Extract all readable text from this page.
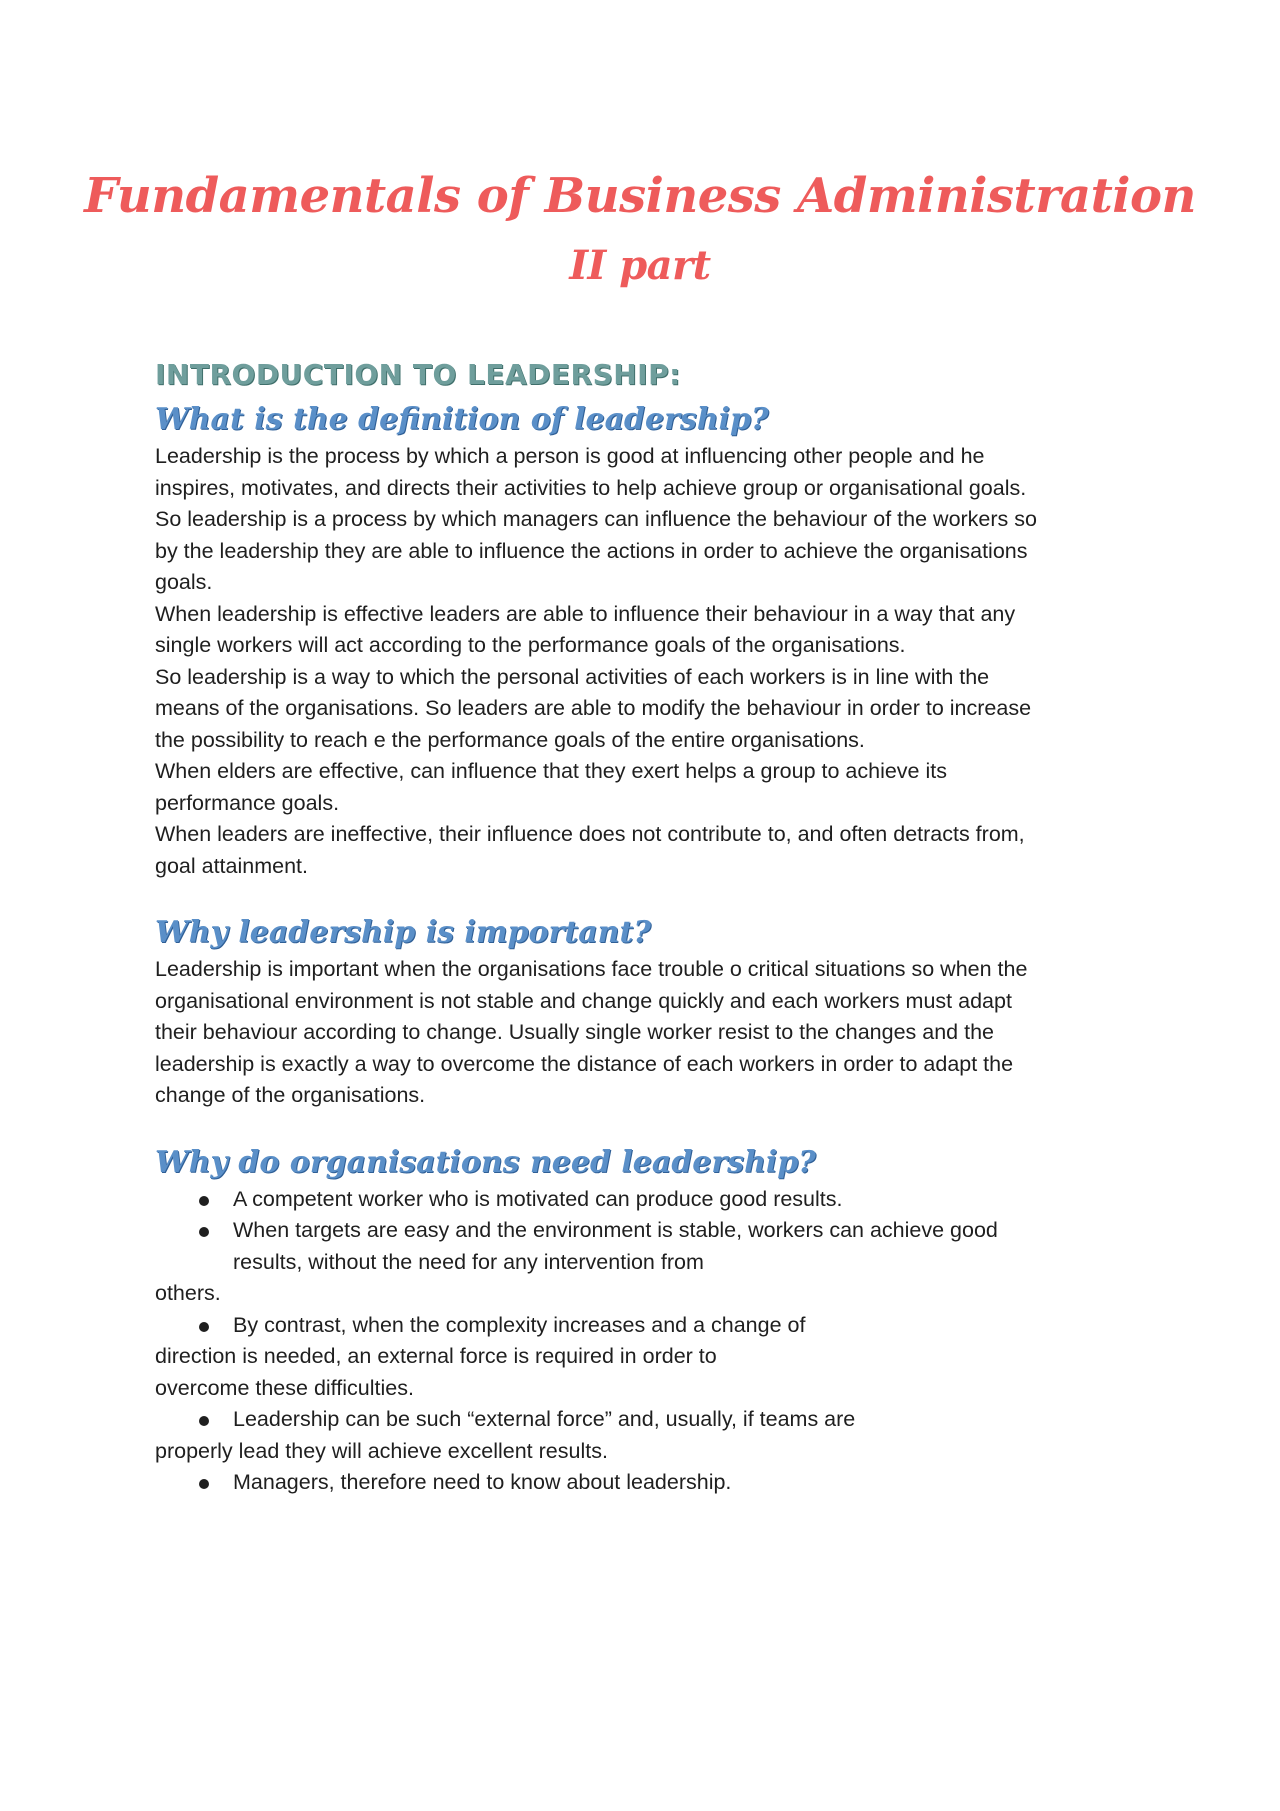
Fundamentals of Business Administration
II part
INTRODUCTION TO LEADERSHIP:
What is the definition of leadership?

Leadership is the process by which a person is good at influencing other people and he

inspires, motivates, and directs their activities to help achieve group or organisational goals.

So leadership is a process by which managers can influence the behaviour of the workers so

by the leadership they are able to influence the actions in order to achieve the organisations

goals.

When leadership is effective leaders are able to influence their behaviour in a way that any

single workers will act according to the performance goals of the organisations.

So leadership is a way to which the personal activities of each workers is in line with the

means of the organisations. So leaders are able to modify the behaviour in order to increase

the possibility to reach e the performance goals of the entire organisations.

When elders are effective, can influence that they exert helps a group to achieve its

performance goals.

When leaders are ineffective, their influence does not contribute to, and often detracts from,

goal attainment.

Why leadership is important?

Leadership is important when the organisations face trouble o critical situations so when the

organisational environment is not stable and change quickly and each workers must adapt

their behaviour according to change. Usually single worker resist to the changes and the

leadership is exactly a way to overcome the distance of each workers in order to adapt the

change of the organisations.

Why do organisations need leadership?
A competent worker who is motivated can produce good results.
When targets are easy and the environment is stable, workers can achieve good
results, without the need for any intervention from
others.
By contrast, when the complexity increases and a change of
direction is needed, an external force is required in order to
overcome these difficulties.
Leadership can be such “external force” and, usually, if teams are
properly lead they will achieve excellent results.
Managers, therefore need to know about leadership.
